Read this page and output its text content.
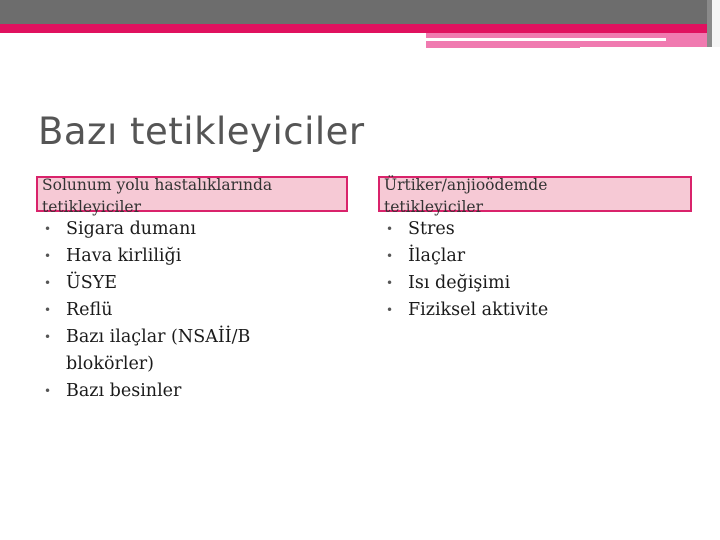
Bazı tetikleyiciler
Solunum yolu hastalıklarında
tetikleyiciler
• Sigara dumanı
• Hava kirliliği
• ÜSYE
• Reflü
• Bazı ilaçlar (NSAİİ/B
blokörler)
• Bazı besinler
Ürtiker/anjioödemde
tetikleyiciler
• Stres
• İlaçlar
• Isı değişimi
• Fiziksel aktivite
